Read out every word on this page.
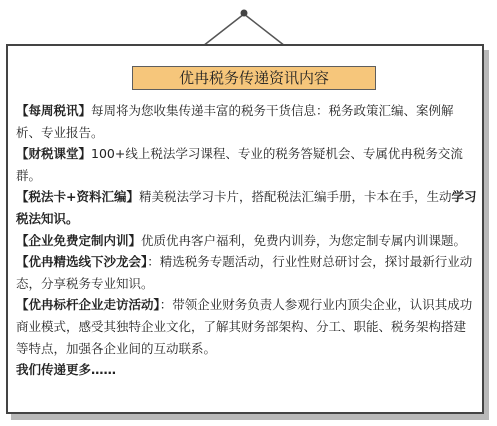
优冉税务传递资讯内容

【每周税讯】每周将为您收集传递丰富的税务干货信息：税务政策汇编、案例解析、专业报告。

【财税课堂】100+线上税法学习课程、专业的税务答疑机会、专属优冉税务交流群。

【税法卡+资料汇编】精美税法学习卡片，搭配税法汇编手册，卡本在手，生动学习税法知识。

【企业免费定制内训】优质优冉客户福利，免费内训券，为您定制专属内训课题。

【优冉精选线下沙龙会】：精选税务专题活动，行业性财总研讨会，探讨最新行业动态，分享税务专业知识。

【优冉标杆企业走访活动】：带领企业财务负责人参观行业内顶尖企业，认识其成功商业模式，感受其独特企业文化，了解其财务部架构、分工、职能、税务架构搭建等特点，加强各企业间的互动联系。

我们传递更多……
